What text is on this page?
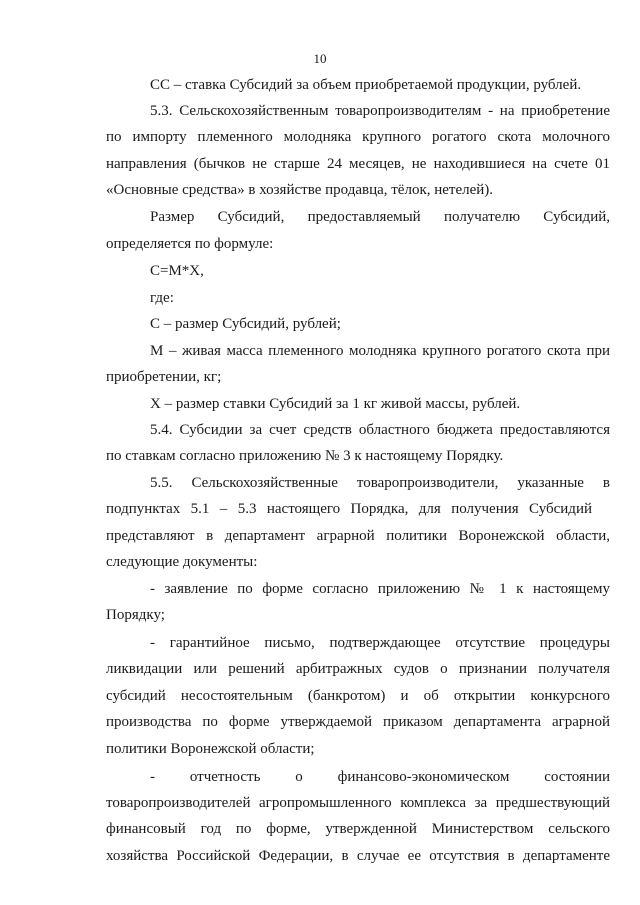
10
СС – ставка Субсидий за объем приобретаемой продукции, рублей.
5.3. Сельскохозяйственным товаропроизводителям - на приобретение
по импорту племенного молодняка крупного рогатого скота молочного
направления (бычков не старше 24 месяцев, не находившиеся на счете 01
«Основные средства» в хозяйстве продавца, тёлок, нетелей).
Размер Субсидий, предоставляемый получателю Субсидий,
определяется по формуле:
С=М*Х,
где:
С – размер Субсидий, рублей;
М – живая масса племенного молодняка крупного рогатого скота при
приобретении, кг;
Х – размер ставки Субсидий за 1 кг живой массы, рублей.
5.4. Субсидии за счет средств областного бюджета предоставляются
по ставкам согласно приложению № 3 к настоящему Порядку.
5.5. Сельскохозяйственные товаропроизводители, указанные в
подпунктах 5.1 – 5.3 настоящего Порядка, для получения Субсидий
представляют в департамент аграрной политики Воронежской области,
следующие документы:
- заявление по форме согласно приложению № 1 к настоящему
Порядку;
- гарантийное письмо, подтверждающее отсутствие процедуры
ликвидации или решений арбитражных судов о признании получателя
субсидий несостоятельным (банкротом) и об открытии конкурсного
производства по форме утверждаемой приказом департамента аграрной
политики Воронежской области;
- отчетность о финансово-экономическом состоянии
товаропроизводителей агропромышленного комплекса за предшествующий
финансовый год по форме, утвержденной Министерством сельского
хозяйства Российской Федерации, в случае ее отсутствия в департаменте
